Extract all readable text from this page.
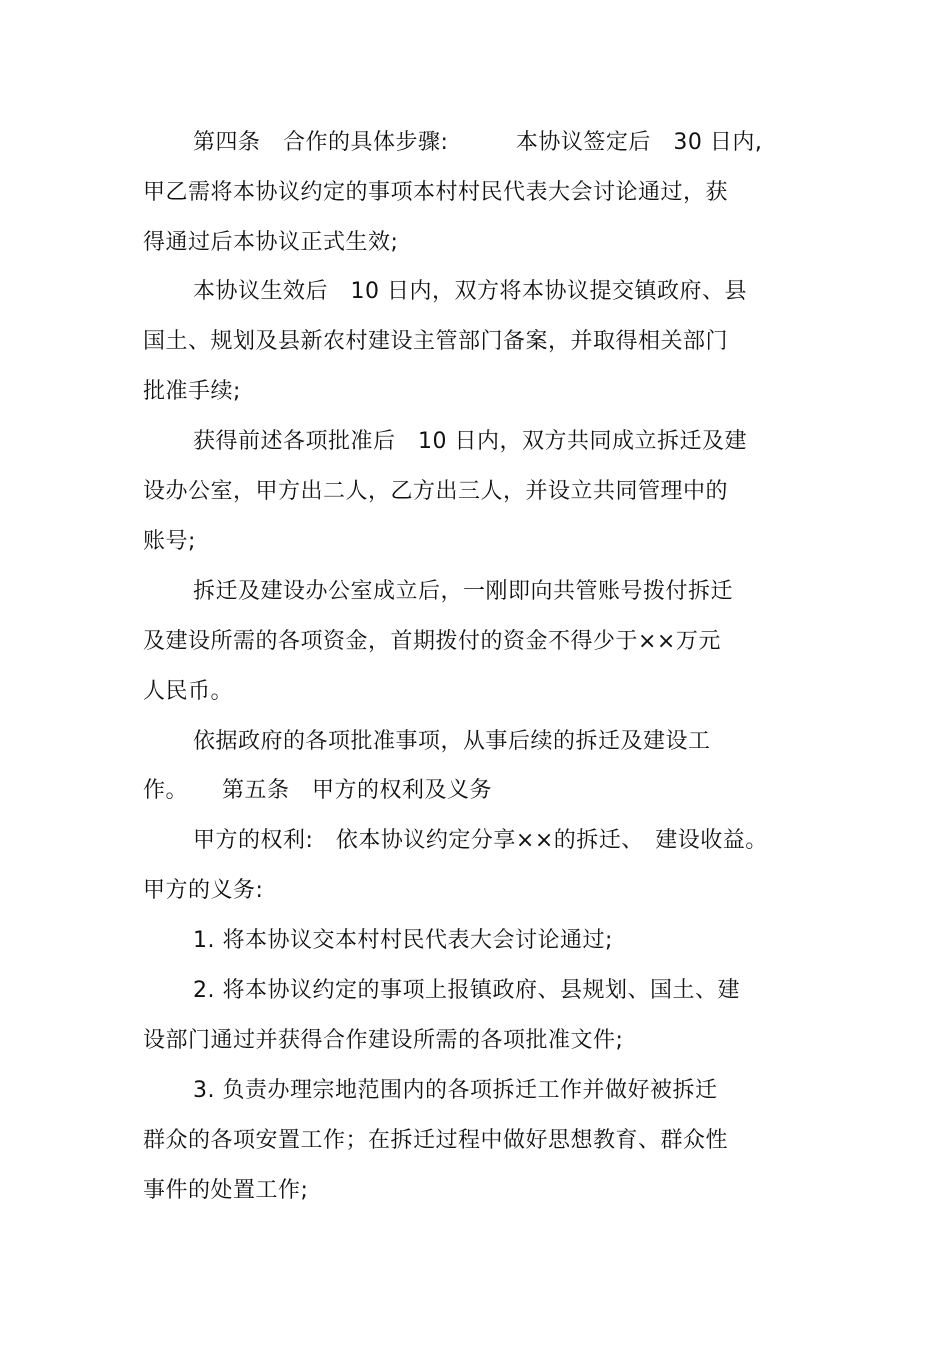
第四条　合作的具体步骤:　　　本协议签定后　30 日内,
甲乙需将本协议约定的事项本村村民代表大会讨论通过，获
得通过后本协议正式生效;
本协议生效后　10 日内，双方将本协议提交镇政府、县
国土、规划及县新农村建设主管部门备案，并取得相关部门
批准手续;
获得前述各项批准后　10 日内，双方共同成立拆迁及建
设办公室，甲方出二人，乙方出三人，并设立共同管理中的
账号;
拆迁及建设办公室成立后，一刚即向共管账号拨付拆迁
及建设所需的各项资金，首期拨付的资金不得少于××万元
人民币。
依据政府的各项批准事项，从事后续的拆迁及建设工
作。　　第五条　甲方的权利及义务
甲方的权利:　依本协议约定分享××的拆迁、　建设收益。
甲方的义务:
1. 将本协议交本村村民代表大会讨论通过;
2. 将本协议约定的事项上报镇政府、县规划、国土、建
设部门通过并获得合作建设所需的各项批准文件;
3. 负责办理宗地范围内的各项拆迁工作并做好被拆迁
群众的各项安置工作；在拆迁过程中做好思想教育、群众性
事件的处置工作;
